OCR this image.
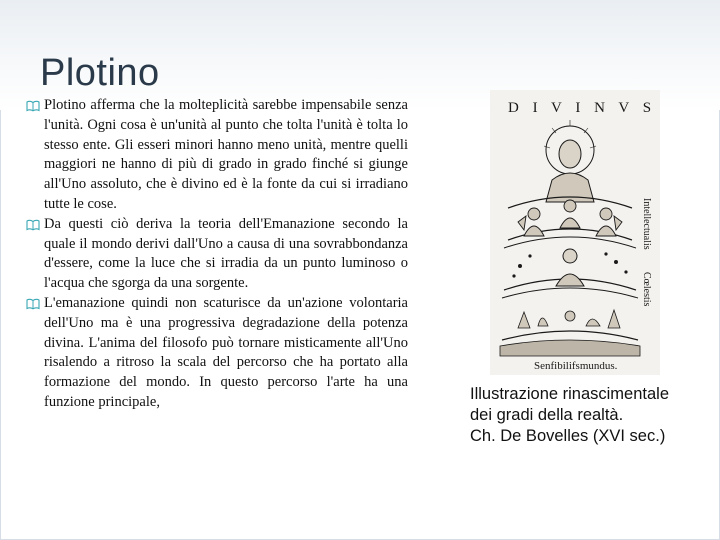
Plotino
Plotino afferma che la molteplicità sarebbe impensabile senza l'unità. Ogni cosa è un'unità al punto che tolta l'unità è tolta lo stesso ente. Gli esseri minori hanno meno unità, mentre quelli maggiori ne hanno di più di grado in grado finché si giunge all'Uno assoluto, che è divino ed è la fonte da cui si irradiano tutte le cose.
Da questi ciò deriva la teoria dell'Emanazione secondo la quale il mondo derivi dall'Uno a causa di una sovrabbondanza d'essere, come la luce che si irradia da un punto luminoso o l'acqua che sgorga da una sorgente.
L'emanazione quindi non scaturisce da un'azione volontaria dell'Uno ma è una progressiva degradazione della potenza divina. L'anima del filosofo può tornare misticamente all'Uno risalendo a ritroso la scala del percorso che ha portato alla formazione del mondo. In questo percorso l'arte ha una funzione principale,
D I V I N V S
Intellectualis
Cœlestis
Senfibilifsmundus.
Illustrazione rinascimentale
dei gradi della realtà.
Ch. De Bovelles (XVI sec.)
